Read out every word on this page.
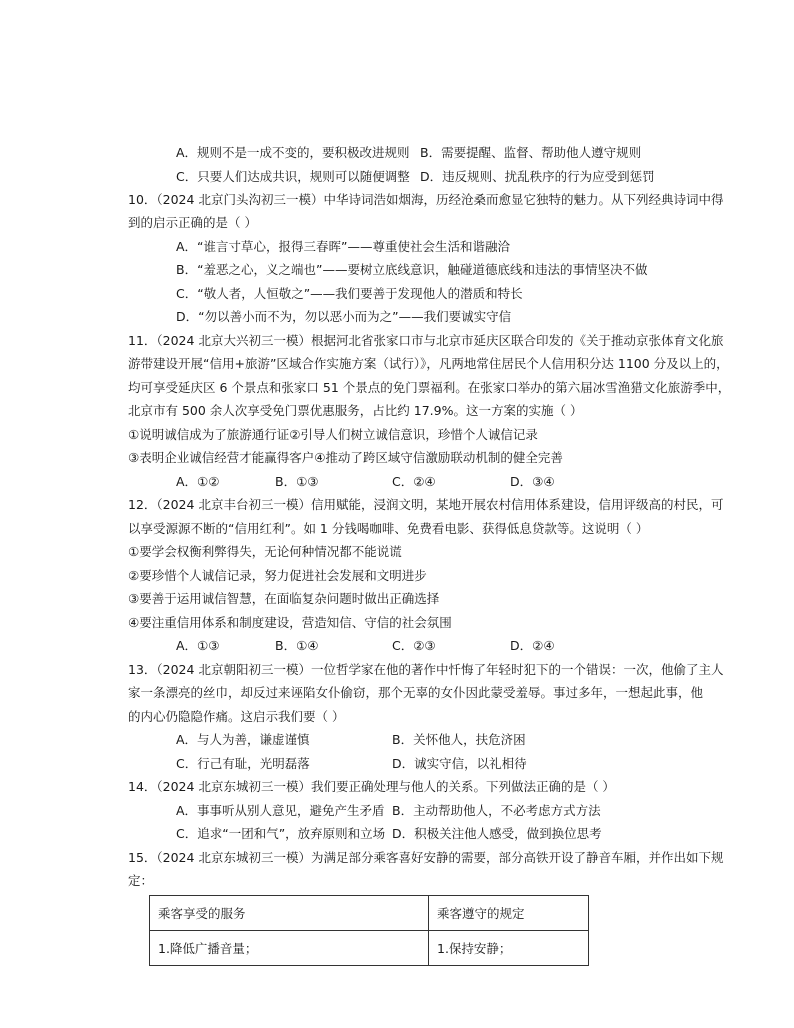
A．规则不是一成不变的，要积极改进规则 B．需要提醒、监督、帮助他人遵守规则
C．只要人们达成共识，规则可以随便调整 D．违反规则、扰乱秩序的行为应受到惩罚
10．（2024 北京门头沟初三一模）中华诗词浩如烟海，历经沧桑而愈显它独特的魅力。从下列经典诗词中得
到的启示正确的是（ ）
A．“谁言寸草心，报得三春晖”——尊重使社会生活和谐融洽
B．“羞恶之心，义之端也”——要树立底线意识，触碰道德底线和违法的事情坚决不做
C．“敬人者，人恒敬之”——我们要善于发现他人的潜质和特长
D．“勿以善小而不为，勿以恶小而为之”——我们要诚实守信
11．（2024 北京大兴初三一模）根据河北省张家口市与北京市延庆区联合印发的《关于推动京张体育文化旅
游带建设开展“信用+旅游”区域合作实施方案（试行）》，凡两地常住居民个人信用积分达 1100 分及以上的，
均可享受延庆区 6 个景点和张家口 51 个景点的免门票福利。在张家口举办的第六届冰雪渔猎文化旅游季中，
北京市有 500 余人次享受免门票优惠服务，占比约 17.9%。这一方案的实施（ ）
①说明诚信成为了旅游通行证②引导人们树立诚信意识，珍惜个人诚信记录
③表明企业诚信经营才能赢得客户④推动了跨区域守信激励联动机制的健全完善
A．①②	B．①③	C．②④	D．③④
12．（2024 北京丰台初三一模）信用赋能，浸润文明，某地开展农村信用体系建设，信用评级高的村民，可
以享受源源不断的“信用红利”。如 1 分钱喝咖啡、免费看电影、获得低息贷款等。这说明（ ）
①要学会权衡利弊得失，无论何种情况都不能说谎
②要珍惜个人诚信记录，努力促进社会发展和文明进步
③要善于运用诚信智慧，在面临复杂问题时做出正确选择
④要注重信用体系和制度建设，营造知信、守信的社会氛围
A．①③	B．①④	C．②③	D．②④
13．（2024 北京朝阳初三一模）一位哲学家在他的著作中忏悔了年轻时犯下的一个错误：一次，他偷了主人
家一条漂亮的丝巾，却反过来诬陷女仆偷窃，那个无辜的女仆因此蒙受羞辱。事过多年，一想起此事，他
的内心仍隐隐作痛。这启示我们要（ ）
A．与人为善，谦虚谨慎	B．关怀他人，扶危济困
C．行己有耻，光明磊落	D．诚实守信，以礼相待
14．（2024 北京东城初三一模）我们要正确处理与他人的关系。下列做法正确的是（ ）
A．事事听从别人意见，避免产生矛盾 B．主动帮助他人，不必考虑方式方法
C．追求“一团和气”，放弃原则和立场 D．积极关注他人感受，做到换位思考
15．（2024 北京东城初三一模）为满足部分乘客喜好安静的需要，部分高铁开设了静音车厢，并作出如下规
定：
乘客享受的服务	乘客遵守的规定
1.降低广播音量；	1.保持安静；
